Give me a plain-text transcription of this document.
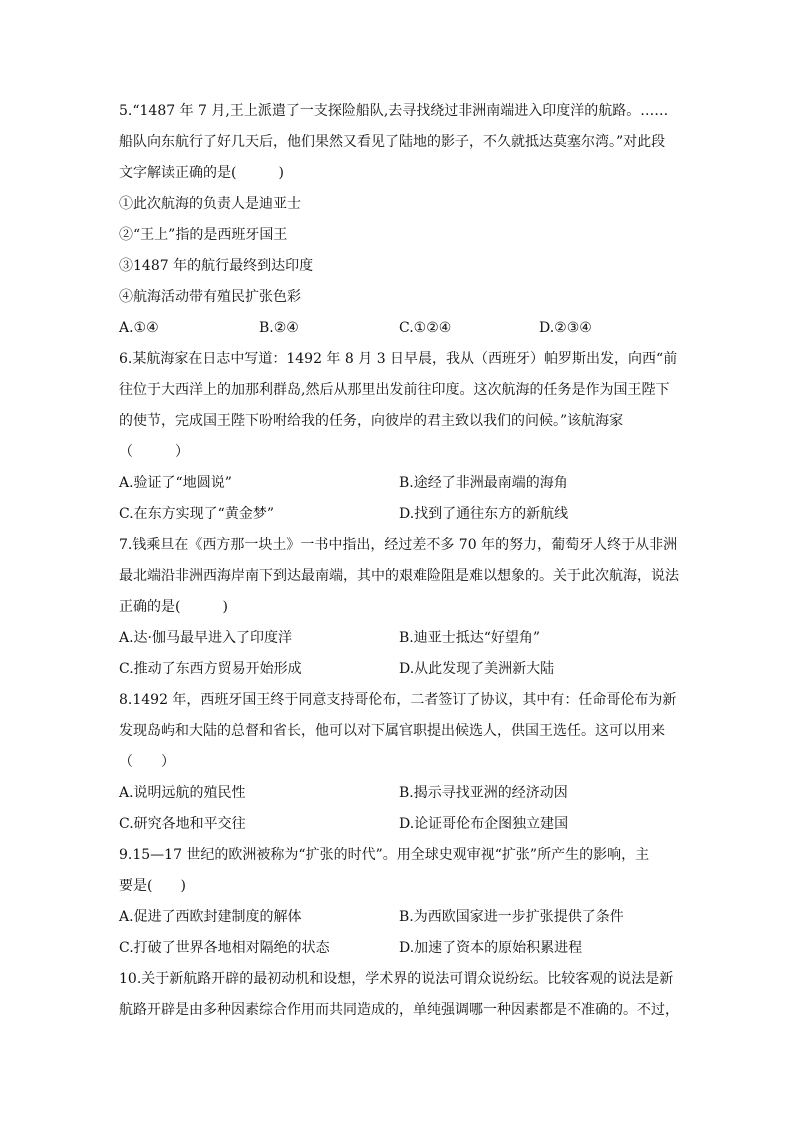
5.“1487 年 7 月,王上派遣了一支探险船队,去寻找绕过非洲南端进入印度洋的航路。……
船队向东航行了好几天后，他们果然又看见了陆地的影子，不久就抵达莫塞尔湾。”对此段
文字解读正确的是(　　　)
①此次航海的负责人是迪亚士
②“王上”指的是西班牙国王
③1487 年的航行最终到达印度
④航海活动带有殖民扩张色彩
A.①④	B.②④	C.①②④	D.②③④
6.某航海家在日志中写道：1492 年 8 月 3 日早晨，我从（西班牙）帕罗斯出发，向西“前
往位于大西洋上的加那利群岛,然后从那里出发前往印度。这次航海的任务是作为国王陛下
的使节，完成国王陛下吩咐给我的任务，向彼岸的君主致以我们的问候。”该航海家
（　　　）
A.验证了“地圆说”	B.途经了非洲最南端的海角
C.在东方实现了“黄金梦”	D.找到了通往东方的新航线
7.钱乘旦在《西方那一块土》一书中指出，经过差不多 70 年的努力，葡萄牙人终于从非洲
最北端沿非洲西海岸南下到达最南端，其中的艰难险阻是难以想象的。关于此次航海，说法
正确的是(　　　)
A.达·伽马最早进入了印度洋	B.迪亚士抵达“好望角”
C.推动了东西方贸易开始形成	D.从此发现了美洲新大陆
8.1492 年，西班牙国王终于同意支持哥伦布，二者签订了协议，其中有：任命哥伦布为新
发现岛屿和大陆的总督和省长，他可以对下属官职提出候选人，供国王选任。这可以用来
（　　）
A.说明远航的殖民性	B.揭示寻找亚洲的经济动因
C.研究各地和平交往	D.论证哥伦布企图独立建国
9.15—17 世纪的欧洲被称为“扩张的时代”。用全球史观审视“扩张”所产生的影响，主
要是(　　)
A.促进了西欧封建制度的解体	B.为西欧国家进一步扩张提供了条件
C.打破了世界各地相对隔绝的状态	D.加速了资本的原始积累进程
10.关于新航路开辟的最初动机和设想，学术界的说法可谓众说纷纭。比较客观的说法是新
航路开辟是由多种因素综合作用而共同造成的，单纯强调哪一种因素都是不准确的。不过，
